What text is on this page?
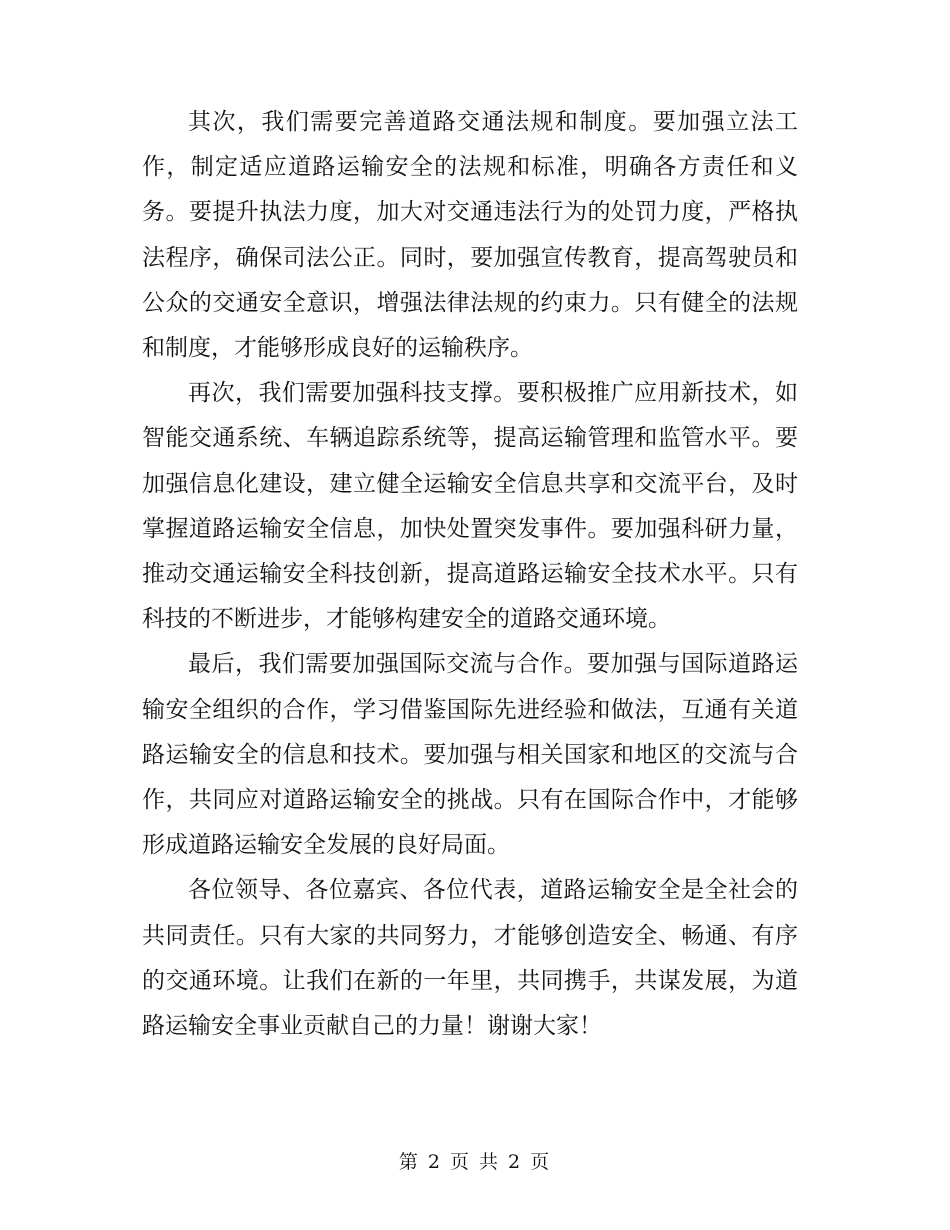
其次，我们需要完善道路交通法规和制度。要加强立法工作，制定适应道路运输安全的法规和标准，明确各方责任和义务。要提升执法力度，加大对交通违法行为的处罚力度，严格执法程序，确保司法公正。同时，要加强宣传教育，提高驾驶员和公众的交通安全意识，增强法律法规的约束力。只有健全的法规和制度，才能够形成良好的运输秩序。

再次，我们需要加强科技支撑。要积极推广应用新技术，如智能交通系统、车辆追踪系统等，提高运输管理和监管水平。要加强信息化建设，建立健全运输安全信息共享和交流平台，及时掌握道路运输安全信息，加快处置突发事件。要加强科研力量，推动交通运输安全科技创新，提高道路运输安全技术水平。只有科技的不断进步，才能够构建安全的道路交通环境。

最后，我们需要加强国际交流与合作。要加强与国际道路运输安全组织的合作，学习借鉴国际先进经验和做法，互通有关道路运输安全的信息和技术。要加强与相关国家和地区的交流与合作，共同应对道路运输安全的挑战。只有在国际合作中，才能够形成道路运输安全发展的良好局面。

各位领导、各位嘉宾、各位代表，道路运输安全是全社会的共同责任。只有大家的共同努力，才能够创造安全、畅通、有序的交通环境。让我们在新的一年里，共同携手，共谋发展，为道路运输安全事业贡献自己的力量！谢谢大家！

第 2 页 共 2 页
